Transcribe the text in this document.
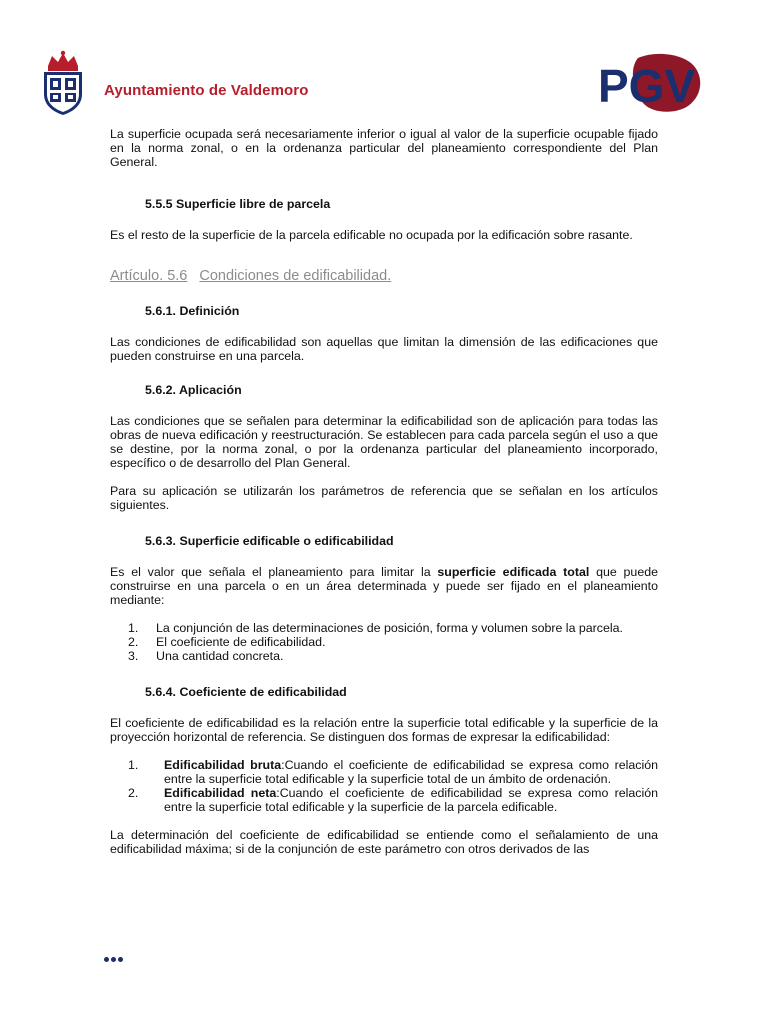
Ayuntamiento de Valdemoro	PGV

La superficie ocupada será necesariamente inferior o igual al valor de la superficie ocupable fijado en la norma zonal, o en la ordenanza particular del planeamiento correspondiente del Plan General.

5.5.5 Superficie libre de parcela

Es el resto de la superficie de la parcela edificable no ocupada por la edificación sobre rasante.

Artículo. 5.6 Condiciones de edificabilidad.

5.6.1. Definición

Las condiciones de edificabilidad son aquellas que limitan la dimensión de las edificaciones que pueden construirse en una parcela.

5.6.2. Aplicación

Las condiciones que se señalen para determinar la edificabilidad son de aplicación para todas las obras de nueva edificación y reestructuración. Se establecen para cada parcela según el uso a que se destine, por la norma zonal, o por la ordenanza particular del planeamiento incorporado, específico o de desarrollo del Plan General.

Para su aplicación se utilizarán los parámetros de referencia que se señalan en los artículos siguientes.

5.6.3. Superficie edificable o edificabilidad

Es el valor que señala el planeamiento para limitar la superficie edificada total que puede construirse en una parcela o en un área determinada y puede ser fijado en el planeamiento mediante:

1.	La conjunción de las determinaciones de posición, forma y volumen sobre la parcela.
2.	El coeficiente de edificabilidad.
3.	Una cantidad concreta.

5.6.4. Coeficiente de edificabilidad

El coeficiente de edificabilidad es la relación entre la superficie total edificable y la superficie de la proyección horizontal de referencia. Se distinguen dos formas de expresar la edificabilidad:

1.	Edificabilidad bruta:Cuando el coeficiente de edificabilidad se expresa como relación entre la superficie total edificable y la superficie total de un ámbito de ordenación.
2.	Edificabilidad neta:Cuando el coeficiente de edificabilidad se expresa como relación entre la superficie total edificable y la superficie de la parcela edificable.

La determinación del coeficiente de edificabilidad se entiende como el señalamiento de una edificabilidad máxima; si de la conjunción de este parámetro con otros derivados de las
